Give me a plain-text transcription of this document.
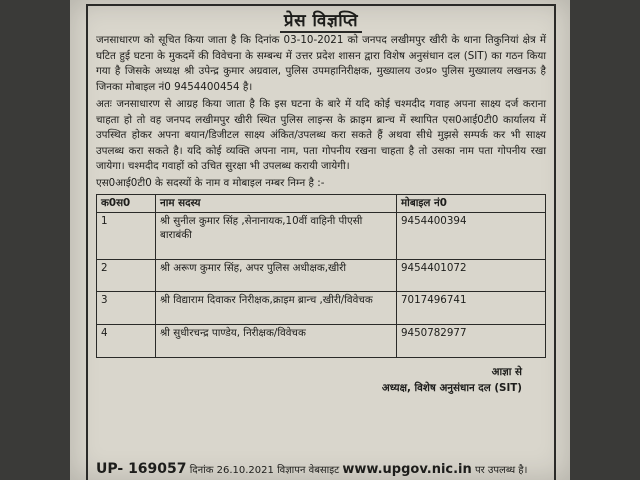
प्रेस विज्ञप्ति

जनसाधारण को सूचित किया जाता है कि दिनांक 03-10-2021 को जनपद लखीमपुर खीरी के थाना तिकुनियां क्षेत्र में घटित हुई घटना के मुकदमें की विवेचना के सम्बन्ध में उत्तर प्रदेश शासन द्वारा विशेष अनुसंधान दल (SIT) का गठन किया गया है जिसके अध्यक्ष श्री उपेन्द्र कुमार अग्रवाल, पुलिस उपमहानिरीक्षक, मुख्यालय उ०प्र० पुलिस मुख्यालय लखनऊ है जिनका मोबाइल नं0 9454400454 है।

अतः जनसाधारण से आग्रह किया जाता है कि इस घटना के बारे में यदि कोई चश्मदीद गवाह अपना साक्ष्य दर्ज कराना चाहता हो तो वह जनपद लखीमपुर खीरी स्थित पुलिस लाइन्स के क्राइम ब्रान्च में स्थापित एस0आई0टी0 कार्यालय में उपस्थित होकर अपना बयान/डिजीटल साक्ष्य अंकित/उपलब्ध करा सकते हैं अथवा सीधे मुझसे सम्पर्क कर भी साक्ष्य उपलब्ध करा सकते है। यदि कोई व्यक्ति अपना नाम, पता गोपनीय रखना चाहता है तो उसका नाम पता गोपनीय रखा जायेगा। चश्मदीद गवाहों को उचित सुरक्षा भी उपलब्ध करायी जायेगी।

एस0आई0टी0 के सदस्यों के नाम व मोबाइल नम्बर निम्न है :-

क0स0	नाम सदस्य	मोबाइल नं0
1	श्री सुनील कुमार सिंह ,सेनानायक,10वीं वाहिनी पीएसी बाराबंकी	9454400394
2	श्री अरूण कुमार सिंह, अपर पुलिस अधीक्षक,खीरी	9454401072
3	श्री विद्याराम दिवाकर निरीक्षक,क्राइम ब्रान्च ,खीरी/विवेचक	7017496741
4	श्री सुधीरचन्द्र पाण्डेय, निरीक्षक/विवेचक	9450782977
आज्ञा से
अध्यक्ष, विशेष अनुसंधान दल (SIT)
UP- 169057 दिनांक 26.10.2021 विज्ञापन वेबसाइट www.upgov.nic.in पर उपलब्ध है।
